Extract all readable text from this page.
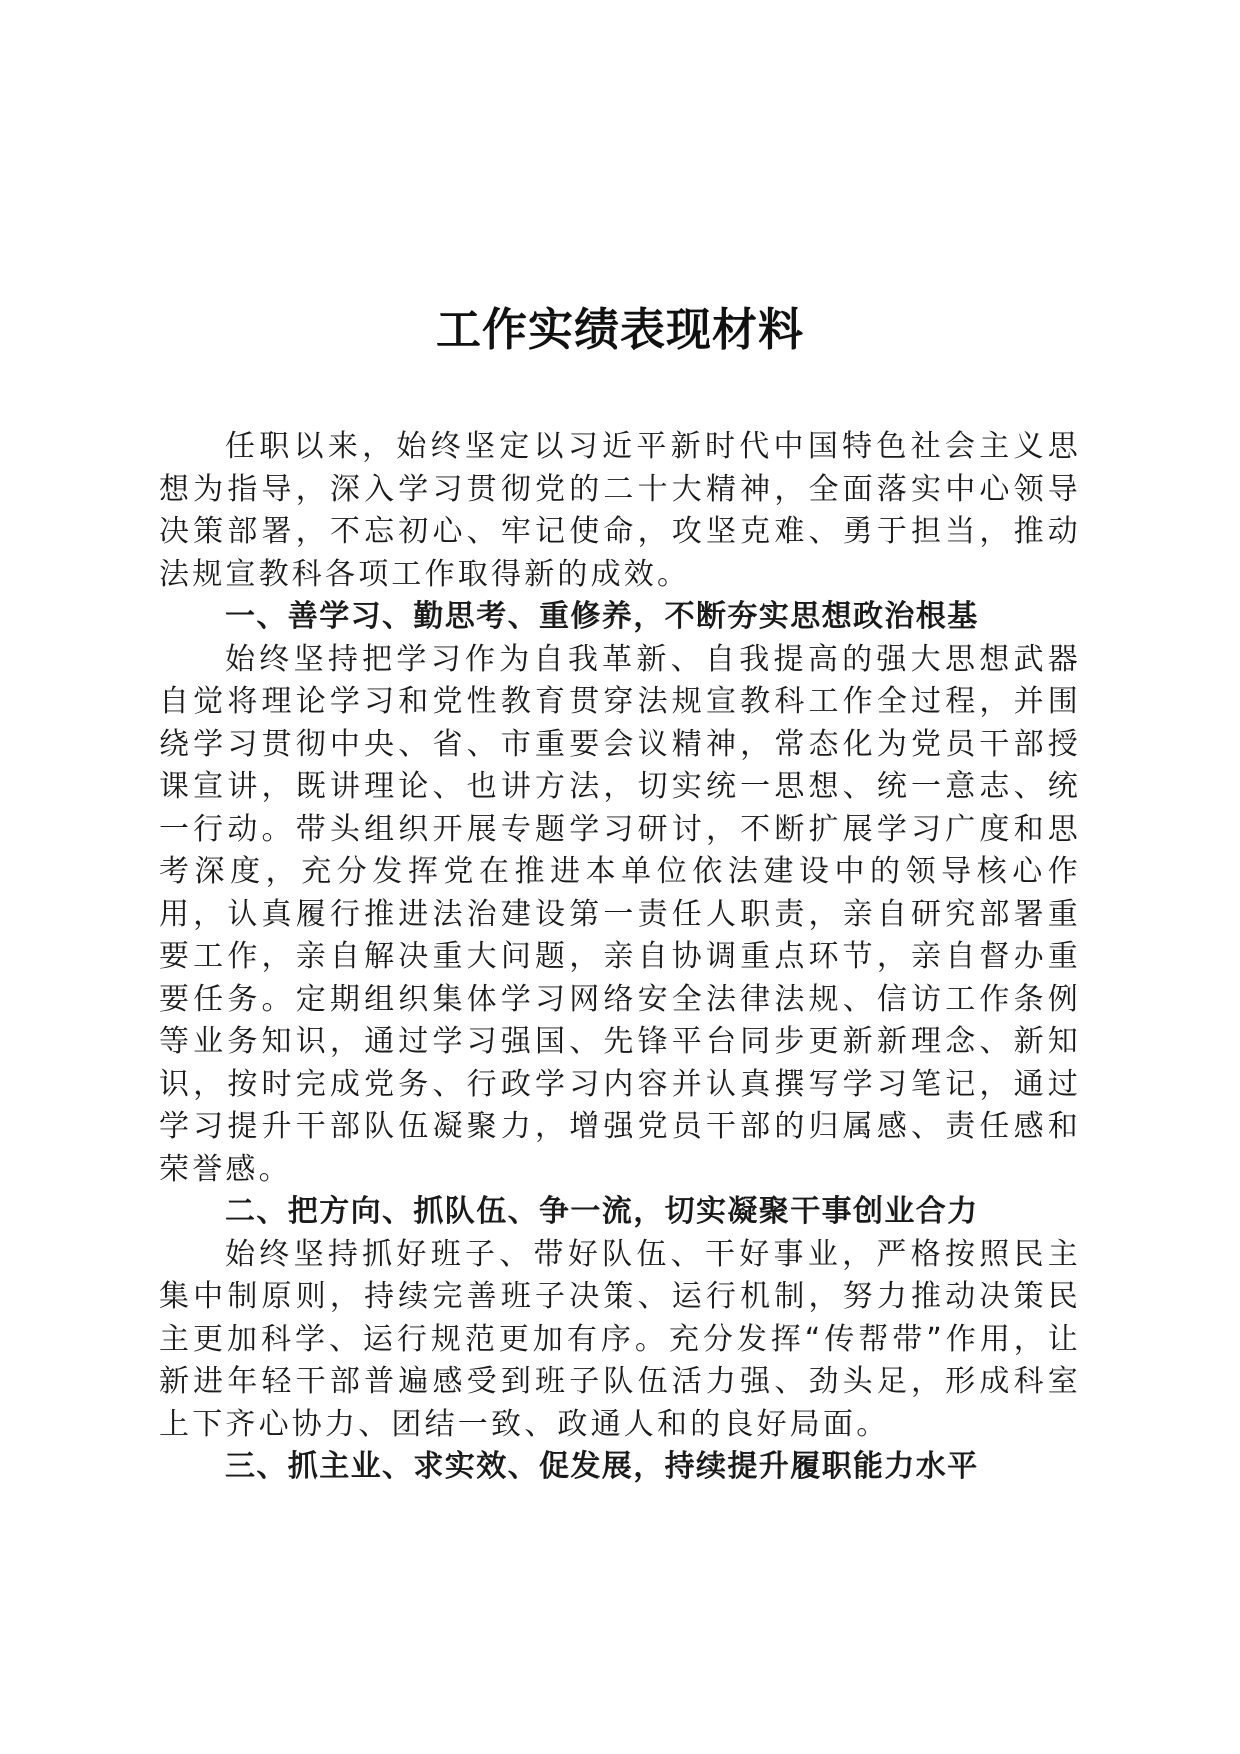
工作实绩表现材料

任职以来，始终坚定以习近平新时代中国特色社会主义思想为指导，深入学习贯彻党的二十大精神，全面落实中心领导决策部署，不忘初心、牢记使命，攻坚克难、勇于担当，推动法规宣教科各项工作取得新的成效。

一、善学习、勤思考、重修养，不断夯实思想政治根基

始终坚持把学习作为自我革新、自我提高的强大思想武器自觉将理论学习和党性教育贯穿法规宣教科工作全过程，并围绕学习贯彻中央、省、市重要会议精神，常态化为党员干部授课宣讲，既讲理论、也讲方法，切实统一思想、统一意志、统一行动。带头组织开展专题学习研讨，不断扩展学习广度和思考深度，充分发挥党在推进本单位依法建设中的领导核心作用，认真履行推进法治建设第一责任人职责，亲自研究部署重要工作，亲自解决重大问题，亲自协调重点环节，亲自督办重要任务。定期组织集体学习网络安全法律法规、信访工作条例等业务知识，通过学习强国、先锋平台同步更新新理念、新知识，按时完成党务、行政学习内容并认真撰写学习笔记，通过学习提升干部队伍凝聚力，增强党员干部的归属感、责任感和荣誉感。

二、把方向、抓队伍、争一流，切实凝聚干事创业合力

始终坚持抓好班子、带好队伍、干好事业，严格按照民主集中制原则，持续完善班子决策、运行机制，努力推动决策民主更加科学、运行规范更加有序。充分发挥“传帮带”作用，让新进年轻干部普遍感受到班子队伍活力强、劲头足，形成科室上下齐心协力、团结一致、政通人和的良好局面。

三、抓主业、求实效、促发展，持续提升履职能力水平
